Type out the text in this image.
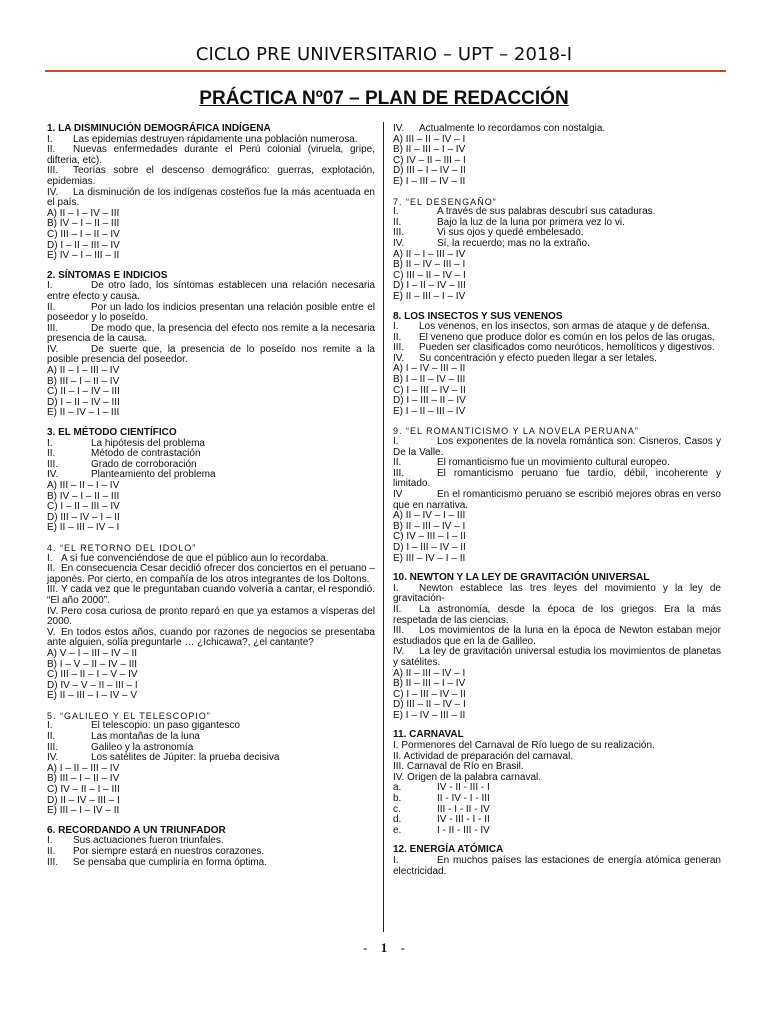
CICLO PRE UNIVERSITARIO – UPT – 2018-I
PRÁCTICA Nº07 – PLAN DE REDACCIÓN
1. LA DISMINUCIÓN DEMOGRÁFICA INDÍGENA
I. Las epidemias destruyen rápidamente una población numerosa.
II. Nuevas enfermedades durante el Perú colonial (viruela, gripe, difteria, etc).
III. Teorías sobre el descenso demográfico: guerras, explotación, epidemias.
IV. La disminución de los indígenas costeños fue la más acentuada en el país.
A) II – I – IV – III
B) IV – I – II – III
C) III – I – II – IV
D) I – II – III – IV
E) IV – I – III – II
2. SÍNTOMAS E INDICIOS
I.	De otro lado, los síntomas establecen una relación necesaria entre efecto y causa.
II.	Por un lado los indicios presentan una relación posible entre el poseedor y lo poseído.
III.	De modo que, la presencia del efecto nos remite a la necesaria presencia de la causa.
IV.	De suerte que, la presencia de lo poseído nos remite a la posible presencia del poseedor.
A) II – I – III – IV
B) III – I – II – IV
C) II – I – IV – III
D) I – II – IV – III
E) II – IV – I – III
3. EL MÉTODO CIENTÍFICO
I.	La hipótesis del problema
II.	Método de contrastación
III.	Grado de corroboración
IV.	Planteamiento del problema
A) III – II – I – IV
B) IV – I – II – III
C) I – II – III – IV
D) III – IV – I – II
E) II – III – IV – I
4. “EL RETORNO DEL IDOLO”
I. A sí fue convenciéndose de que el público aun lo recordaba.
II. En consecuencia Cesar decidió ofrecer dos conciertos en el peruano – japonés. Por cierto, en compañía de los otros integrantes de los Doltons.
III. Y cada vez que le preguntaban cuando volvería a cantar, el respondió. “El año 2000”.
IV. Pero cosa curiosa de pronto reparó en que ya estamos a vísperas del 2000.
V. En todos estos años, cuando por razones de negocios se presentaba ante alguien, solía preguntarle … ¿Ichicawa?, ¿el cantante?
A) V – I – III – IV – II
B) I – V – II – IV – III
C) III – II – I – V – IV
D) IV – V – II – III – I
E) II – III – I – IV – V
5. “GALILEO Y EL TELESCOPIO”
I.	El telescopio: un paso gigantesco
II.	Las montañas de la luna
III.	Galileo y la astronomía
IV.	Los satélites de Júpiter: la prueba decisiva
A) I – II – III – IV
B) III – I – II – IV
C) IV – II – I – III
D) II – IV – III – I
E) III – I – IV – II
6. RECORDANDO A UN TRIUNFADOR
I. Sus actuaciones fueron triunfales.
II. Por siempre estará en nuestros corazones.
III. Se pensaba que cumpliría en forma óptima.
IV. Actualmente lo recordamos con nostalgia.
A) III – II – IV – I
B) II – III – I – IV
C) IV – II – III – I
D) III – I – IV – II
E) I – III – IV – II
7. “EL DESENGAÑO”
I.	A través de sus palabras descubrí sus cataduras.
II.	Bajo la luz de la luna por primera vez lo vi.
III.	Vi sus ojos y quedé embelesado.
IV.	Sí, la recuerdo; mas no la extraño.
A) II – I – III – IV
B) II – IV – III – I
C) III – II – IV – I
D) I – II – IV – III
E) II – III – I – IV
8. LOS INSECTOS Y SUS VENENOS
I. Los venenos, en los insectos, son armas de ataque y de defensa.
II. El veneno que produce dolor es común en los pelos de las orugas.
III. Pueden ser clasificados como neuróticos, hemolíticos y digestivos.
IV. Su concentración y efecto pueden llegar a ser letales.
A) I – IV – III – II
B) I – II – IV – III
C) I – III – IV – II
D) I – III – II – IV
E) I – II – III – IV
9. “EL ROMANTICISMO Y LA NOVELA PERUANA”
I.	Los exponentes de la novela romántica son: Cisneros, Casos y De la Valle.
II.	El romanticismo fue un movimiento cultural europeo.
III.	El romanticismo peruano fue tardío, débil, incoherente y limitado.
IV	En el romanticismo peruano se escribió mejores obras en verso que en narrativa.
A) II – IV – I – III
B) II – III – IV – I
C) IV – III – I – II
D) I – III – IV – II
E) III – IV – I – II
10. NEWTON Y LA LEY DE GRAVITACIÓN UNIVERSAL
I. Newton establece las tres leyes del movimiento y la ley de gravitación-
II. La astronomía, desde la época de los griegos. Era la más respetada de las ciencias.
III. Los movimientos de la luna en la época de Newton estaban mejor estudiados que en la de Galileo.
IV. La ley de gravitación universal estudia los movimientos de planetas y satélites.
A) II – III – IV – I
B) II – III – I – IV
C) I – III – IV – II
D) III – II – IV – I
E) I – IV – III – II
11. CARNAVAL
I. Pormenores del Carnaval de Río luego de su realización.
II. Actividad de preparación del carnaval.
III. Carnaval de Río en Brasil.
IV. Origen de la palabra carnaval.
a.	IV - II - III - I
b.	II - IV - I - III
c.	III - I - II - IV
d.	IV - III - I - II
e.	I - II - III - IV
12. ENERGÍA ATÓMICA
I.	En muchos países las estaciones de energía atómica generan electricidad.
- 1 -
